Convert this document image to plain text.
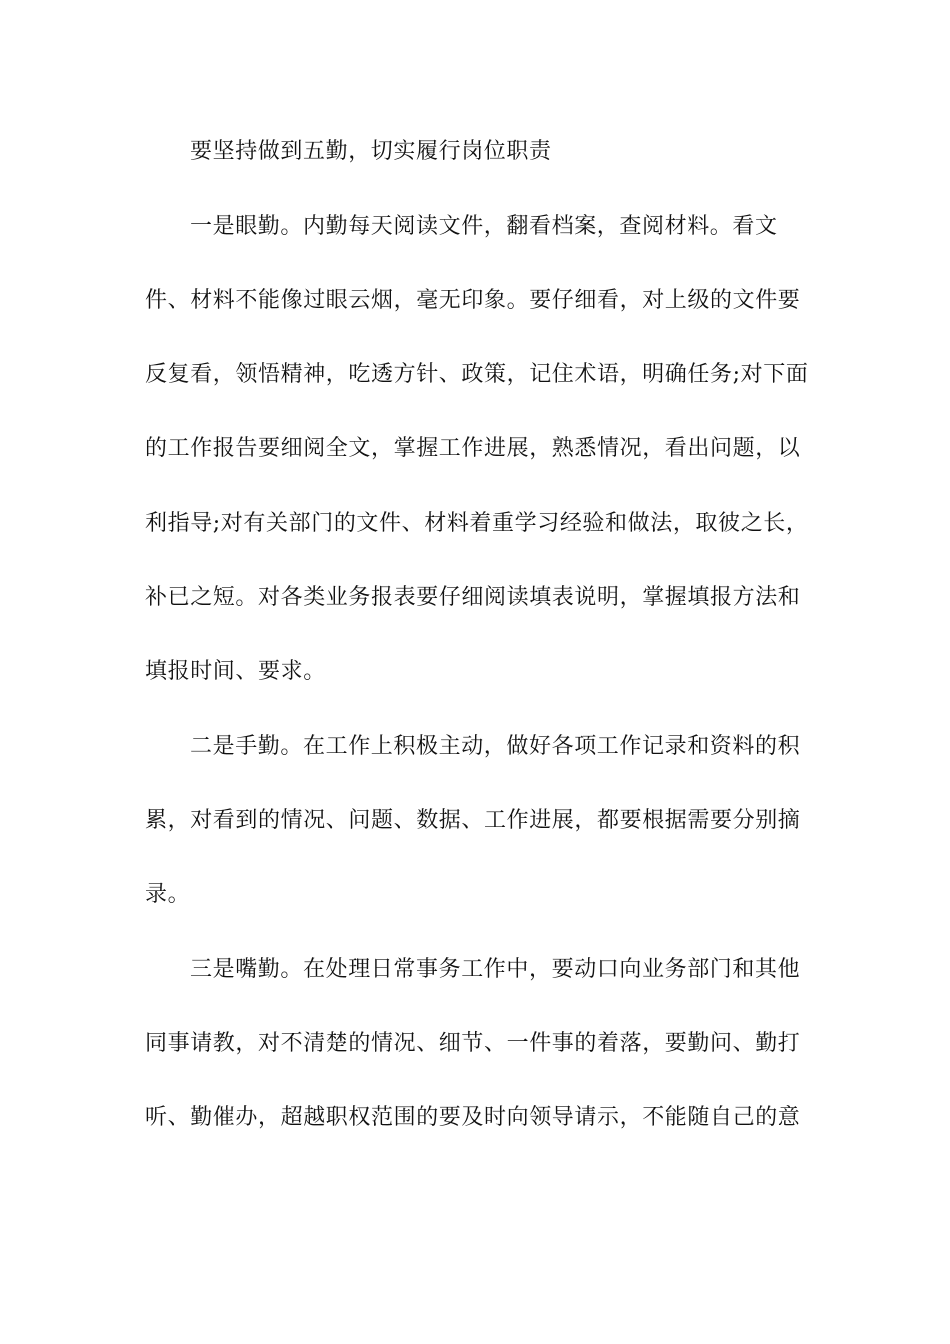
要坚持做到五勤，切实履行岗位职责
一是眼勤。内勤每天阅读文件，翻看档案，查阅材料。看文
件、材料不能像过眼云烟，毫无印象。要仔细看，对上级的文件要
反复看，领悟精神，吃透方针、政策，记住术语，明确任务;对下面
的工作报告要细阅全文，掌握工作进展，熟悉情况，看出问题，以
利指导;对有关部门的文件、材料着重学习经验和做法，取彼之长，
补已之短。对各类业务报表要仔细阅读填表说明，掌握填报方法和
填报时间、要求。
二是手勤。在工作上积极主动，做好各项工作记录和资料的积
累，对看到的情况、问题、数据、工作进展，都要根据需要分别摘
录。
三是嘴勤。在处理日常事务工作中，要动口向业务部门和其他
同事请教，对不清楚的情况、细节、一件事的着落，要勤问、勤打
听、勤催办，超越职权范围的要及时向领导请示，不能随自己的意
